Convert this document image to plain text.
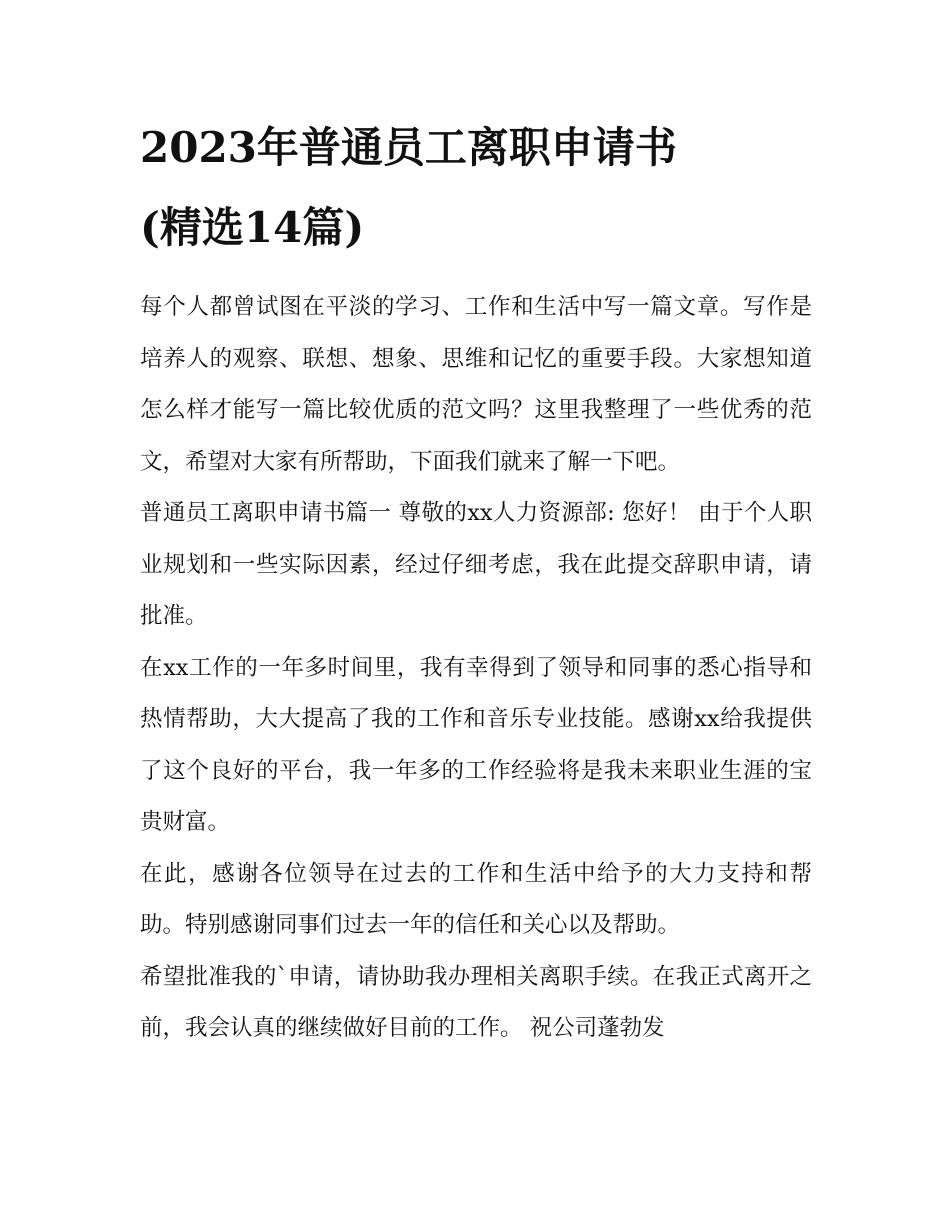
2023年普通员工离职申请书
(精选14篇)

每个人都曾试图在平淡的学习、工作和生活中写一篇文章。写作是培养人的观察、联想、想象、思维和记忆的重要手段。大家想知道怎么样才能写一篇比较优质的范文吗？这里我整理了一些优秀的范文，希望对大家有所帮助，下面我们就来了解一下吧。

普通员工离职申请书篇一 尊敬的xx人力资源部: 您好！ 由于个人职业规划和一些实际因素，经过仔细考虑，我在此提交辞职申请，请批准。

在xx工作的一年多时间里，我有幸得到了领导和同事的悉心指导和热情帮助，大大提高了我的工作和音乐专业技能。感谢xx给我提供了这个良好的平台，我一年多的工作经验将是我未来职业生涯的宝贵财富。

在此，感谢各位领导在过去的工作和生活中给予的大力支持和帮助。特别感谢同事们过去一年的信任和关心以及帮助。

希望批准我的`申请，请协助我办理相关离职手续。在我正式离开之前，我会认真的继续做好目前的工作。 祝公司蓬勃发
